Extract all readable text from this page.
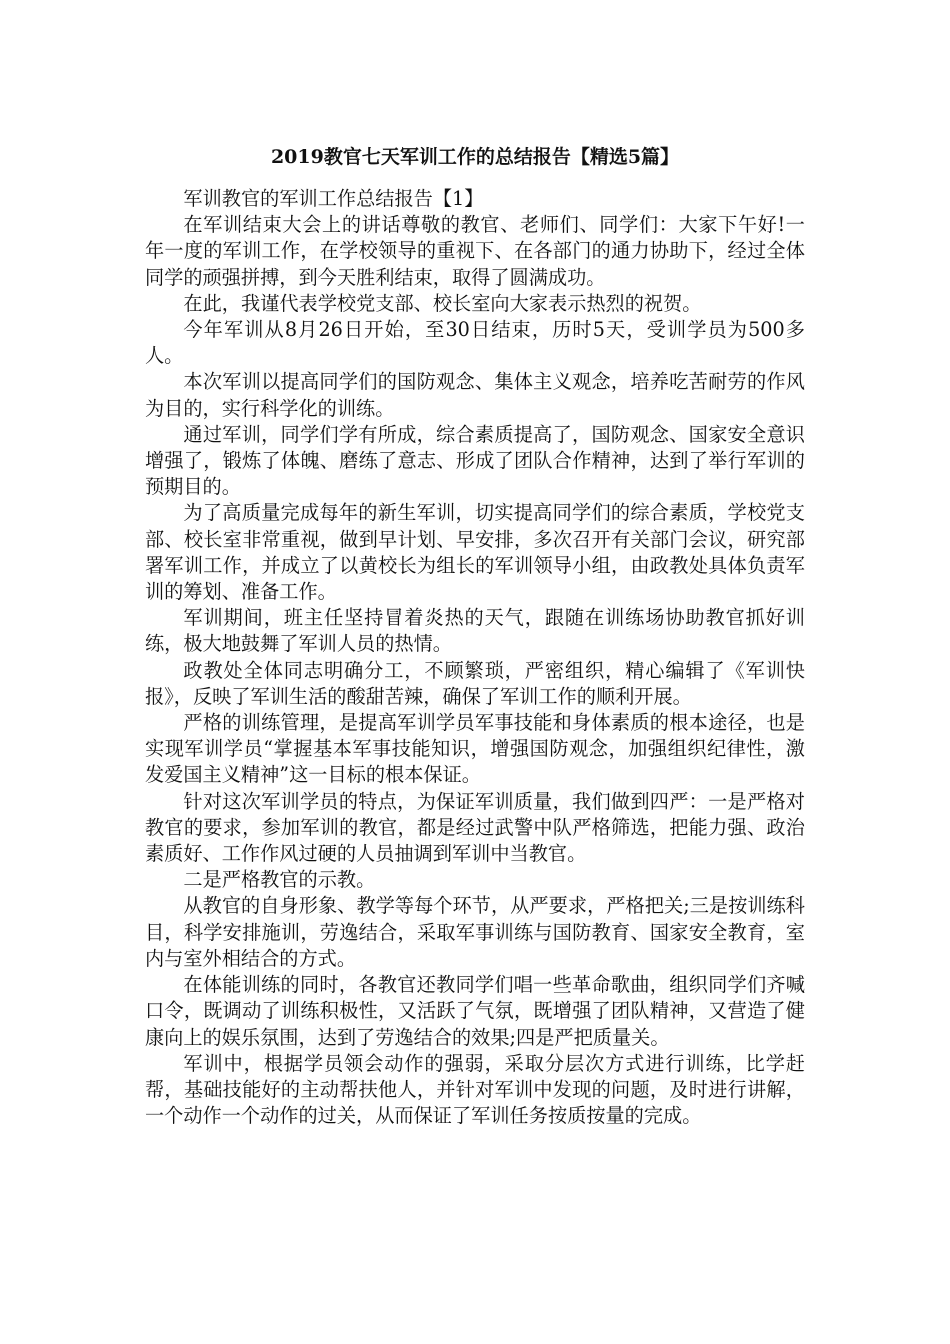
2019教官七天军训工作的总结报告【精选5篇】

军训教官的军训工作总结报告【1】

在军训结束大会上的讲话尊敬的教官、老师们、同学们：大家下午好!一年一度的军训工作，在学校领导的重视下、在各部门的通力协助下，经过全体同学的顽强拼搏，到今天胜利结束，取得了圆满成功。

在此，我谨代表学校党支部、校长室向大家表示热烈的祝贺。

今年军训从8月26日开始，至30日结束，历时5天，受训学员为500多人。

本次军训以提高同学们的国防观念、集体主义观念，培养吃苦耐劳的作风为目的，实行科学化的训练。

通过军训，同学们学有所成，综合素质提高了，国防观念、国家安全意识增强了，锻炼了体魄、磨练了意志、形成了团队合作精神，达到了举行军训的预期目的。

为了高质量完成每年的新生军训，切实提高同学们的综合素质，学校党支部、校长室非常重视，做到早计划、早安排，多次召开有关部门会议，研究部署军训工作，并成立了以黄校长为组长的军训领导小组，由政教处具体负责军训的筹划、准备工作。

军训期间，班主任坚持冒着炎热的天气，跟随在训练场协助教官抓好训练，极大地鼓舞了军训人员的热情。

政教处全体同志明确分工，不顾繁琐，严密组织，精心编辑了《军训快报》，反映了军训生活的酸甜苦辣，确保了军训工作的顺利开展。

严格的训练管理，是提高军训学员军事技能和身体素质的根本途径，也是实现军训学员“掌握基本军事技能知识，增强国防观念，加强组织纪律性，激发爱国主义精神”这一目标的根本保证。

针对这次军训学员的特点，为保证军训质量，我们做到四严：一是严格对教官的要求，参加军训的教官，都是经过武警中队严格筛选，把能力强、政治素质好、工作作风过硬的人员抽调到军训中当教官。

二是严格教官的示教。

从教官的自身形象、教学等每个环节，从严要求，严格把关;三是按训练科目，科学安排施训，劳逸结合，采取军事训练与国防教育、国家安全教育，室内与室外相结合的方式。

在体能训练的同时，各教官还教同学们唱一些革命歌曲，组织同学们齐喊口令，既调动了训练积极性，又活跃了气氛，既增强了团队精神，又营造了健康向上的娱乐氛围，达到了劳逸结合的效果;四是严把质量关。

军训中，根据学员领会动作的强弱，采取分层次方式进行训练，比学赶帮，基础技能好的主动帮扶他人，并针对军训中发现的问题，及时进行讲解，一个动作一个动作的过关，从而保证了军训任务按质按量的完成。
